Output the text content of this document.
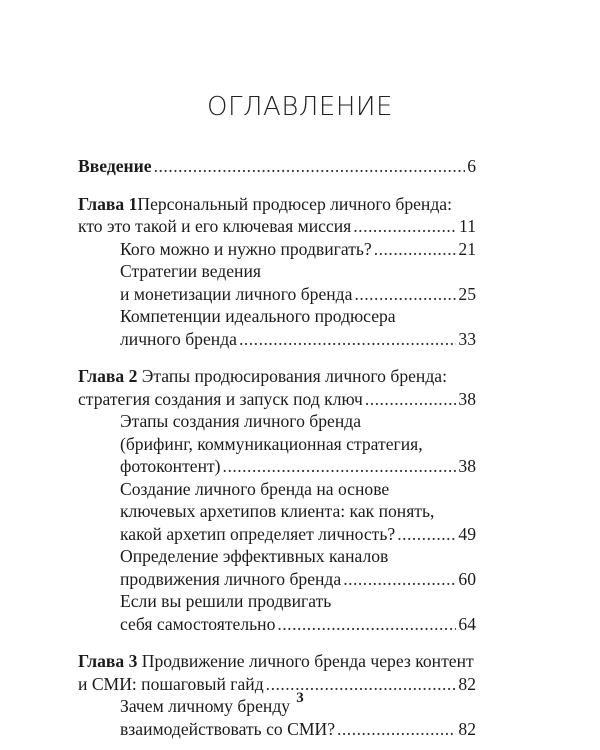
ОГЛАВЛЕНИЕ
Введение .....	6
Глава 1Персональный продюсер личного бренда:
кто это такой и его ключевая миссия .....	11
Кого можно и нужно продвигать? .....	21
Стратегии ведения
и монетизации личного бренда .....	25
Компетенции идеального продюсера
личного бренда .....	33
Глава 2 Этапы продюсирования личного бренда:
стратегия создания и запуск под ключ .....	38
Этапы создания личного бренда
(брифинг, коммуникационная стратегия,
фотоконтент) .....	38
Создание личного бренда на основе
ключевых архетипов клиента: как понять,
какой архетип определяет личность? .....	49
Определение эффективных каналов
продвижения личного бренда .....	60
Если вы решили продвигать
себя самостоятельно .....	64
Глава 3 Продвижение личного бренда через контент
и СМИ: пошаговый гайд .....	82
Зачем личному бренду
взаимодействовать со СМИ? .....	82
3
